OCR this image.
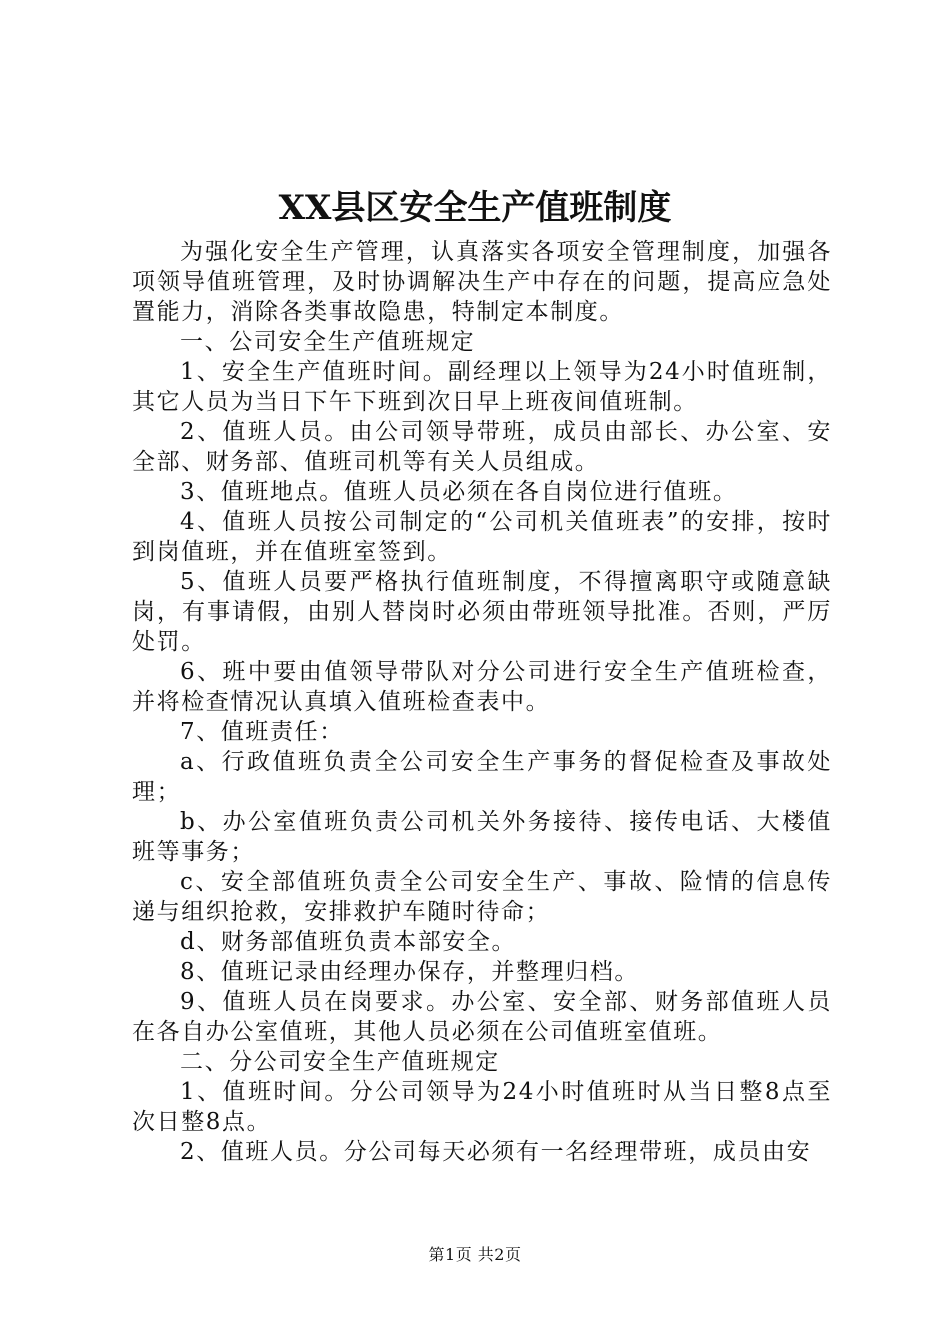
XX县区安全生产值班制度

为强化安全生产管理，认真落实各项安全管理制度，加强各项领导值班管理，及时协调解决生产中存在的问题，提高应急处置能力，消除各类事故隐患，特制定本制度。

一、公司安全生产值班规定

1、安全生产值班时间。副经理以上领导为24小时值班制，其它人员为当日下午下班到次日早上班夜间值班制。

2、值班人员。由公司领导带班，成员由部长、办公室、安全部、财务部、值班司机等有关人员组成。

3、值班地点。值班人员必须在各自岗位进行值班。

4、值班人员按公司制定的“公司机关值班表”的安排，按时到岗值班，并在值班室签到。

5、值班人员要严格执行值班制度，不得擅离职守或随意缺岗，有事请假，由别人替岗时必须由带班领导批准。否则，严厉处罚。

6、班中要由值领导带队对分公司进行安全生产值班检查，并将检查情况认真填入值班检查表中。

7、值班责任：

a、行政值班负责全公司安全生产事务的督促检查及事故处理；

b、办公室值班负责公司机关外务接待、接传电话、大楼值班等事务；

c、安全部值班负责全公司安全生产、事故、险情的信息传递与组织抢救，安排救护车随时待命；

d、财务部值班负责本部安全。

8、值班记录由经理办保存，并整理归档。

9、值班人员在岗要求。办公室、安全部、财务部值班人员在各自办公室值班，其他人员必须在公司值班室值班。

二、分公司安全生产值班规定

1、值班时间。分公司领导为24小时值班时从当日整8点至次日整8点。

2、值班人员。分公司每天必须有一名经理带班，成员由安

第1页 共2页
